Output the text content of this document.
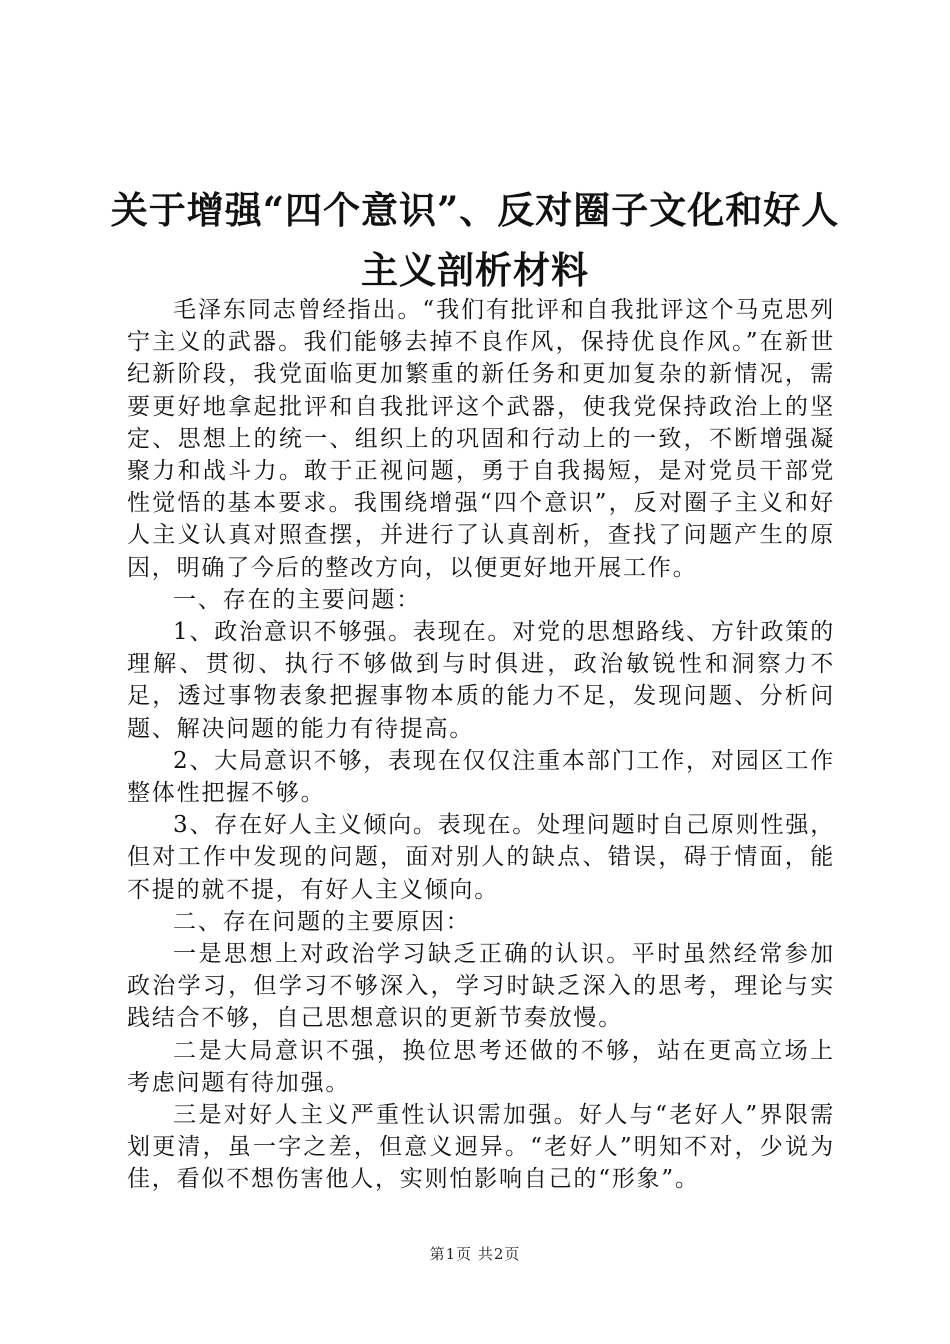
关于增强“四个意识”、反对圈子文化和好人
主义剖析材料

毛泽东同志曾经指出。“我们有批评和自我批评这个马克思列宁主义的武器。我们能够去掉不良作风，保持优良作风。”在新世纪新阶段，我党面临更加繁重的新任务和更加复杂的新情况，需要更好地拿起批评和自我批评这个武器，使我党保持政治上的坚定、思想上的统一、组织上的巩固和行动上的一致，不断增强凝聚力和战斗力。敢于正视问题，勇于自我揭短，是对党员干部党性觉悟的基本要求。我围绕增强“四个意识”，反对圈子主义和好人主义认真对照查摆，并进行了认真剖析，查找了问题产生的原因，明确了今后的整改方向，以便更好地开展工作。

一、存在的主要问题：

1、政治意识不够强。表现在。对党的思想路线、方针政策的理解、贯彻、执行不够做到与时俱进，政治敏锐性和洞察力不足，透过事物表象把握事物本质的能力不足，发现问题、分析问题、解决问题的能力有待提高。

2、大局意识不够，表现在仅仅注重本部门工作，对园区工作整体性把握不够。

3、存在好人主义倾向。表现在。处理问题时自己原则性强，但对工作中发现的问题，面对别人的缺点、错误，碍于情面，能不提的就不提，有好人主义倾向。

二、存在问题的主要原因：

一是思想上对政治学习缺乏正确的认识。平时虽然经常参加政治学习，但学习不够深入，学习时缺乏深入的思考，理论与实践结合不够，自己思想意识的更新节奏放慢。

二是大局意识不强，换位思考还做的不够，站在更高立场上考虑问题有待加强。

三是对好人主义严重性认识需加强。好人与“老好人”界限需划更清，虽一字之差，但意义迥异。“老好人”明知不对，少说为佳，看似不想伤害他人，实则怕影响自己的“形象”。

第1页 共2页
